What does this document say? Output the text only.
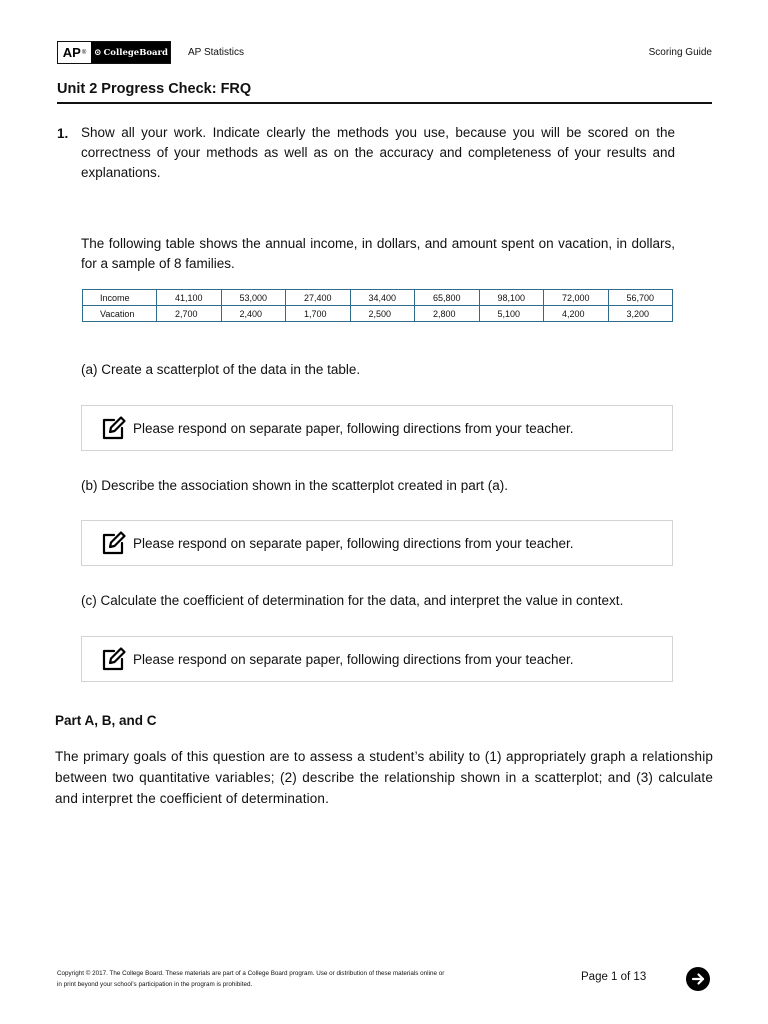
AP ® ⊙ CollegeBoard AP Statistics	Scoring Guide
Unit 2 Progress Check: FRQ
1. Show all your work. Indicate clearly the methods you use, because you will be scored on the correctness of your methods as well as on the accuracy and completeness of your results and explanations.
The following table shows the annual income, in dollars, and amount spent on vacation, in dollars, for a sample of 8 families.
Income	41,100	53,000	27,400	34,400	65,800	98,100	72,000	56,700
Vacation	2,700	2,400	1,700	2,500	2,800	5,100	4,200	3,200
(a) Create a scatterplot of the data in the table.
Please respond on separate paper, following directions from your teacher.
(b) Describe the association shown in the scatterplot created in part (a).
Please respond on separate paper, following directions from your teacher.
(c) Calculate the coefficient of determination for the data, and interpret the value in context.
Please respond on separate paper, following directions from your teacher.
Part A, B, and C
The primary goals of this question are to assess a student’s ability to (1) appropriately graph a relationship between two quantitative variables; (2) describe the relationship shown in a scatterplot; and (3) calculate and interpret the coefficient of determination.
Copyright © 2017. The College Board. These materials are part of a College Board program. Use or distribution of these materials online or
in print beyond your school’s participation in the program is prohibited.
Page 1 of 13
